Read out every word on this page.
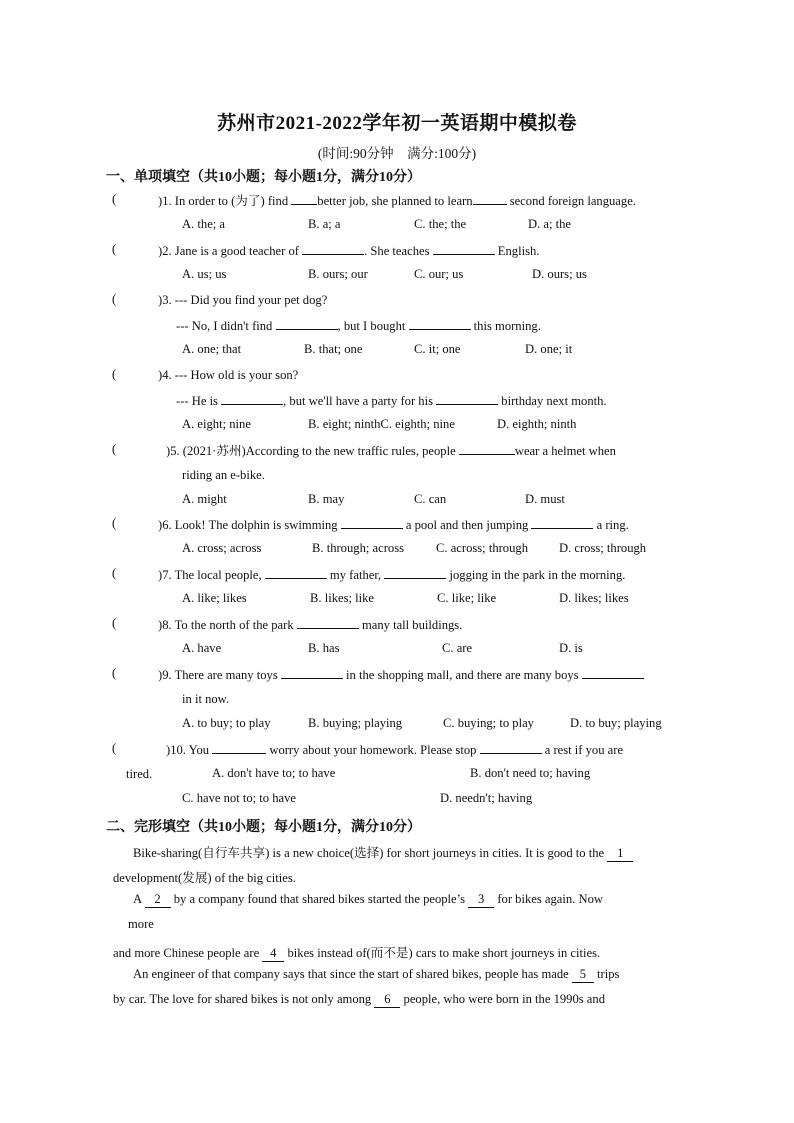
苏州市2021-2022学年初一英语期中模拟卷
(时间:90分钟　满分:100分)
一、单项填空（共10小题；每小题1分，满分10分）
(	)1. In order to (为了) find better job, she planned to learn	second foreign language.
A. the; a	B. a; a	C. the; the	D. a; the
(	)2. Jane is a good teacher of	. She teaches	English.
A. us; us	B. ours; our	C. our; us	D. ours; us
(	)3. --- Did you find your pet dog?
--- No, I didn't find	, but I bought	this morning.
A. one; that	B. that; one	C. it; one	D. one; it
(	)4. --- How old is your son?
--- He is	, but we'll have a party for his	birthday next month.
A. eight; nine	B. eight; ninthC. eighth; nine	D. eighth; ninth
(	)5. (2021·苏州)According to the new traffic rules, people	wear a helmet when
riding an e-bike.
A. might	B. may	C. can	D. must
(	)6. Look! The dolphin is swimming	a pool and then jumping	a ring.
A. cross; across	B. through; across	C. across; through D. cross; through
(	)7. The local people,	my father,	jogging in the park in the morning.
A. like; likes	B. likes; like	C. like; like	D. likes; likes
(	)8. To the north of the park	many tall buildings.
A. have	B. has	C. are	D. is
(	)9. There are many toys	in the shopping mall, and there are many boys
in it now.
A. to buy; to play	B. buying; playing	C. buying; to play	D. to buy; playing
(	)10. You	worry about your homework. Please stop	a rest if you are
tired.	A. don't have to; to have	B. don't need to; having
C. have not to; to have	D. needn't; having
二、完形填空（共10小题；每小题1分，满分10分）
Bike-sharing(自行车共享) is a new choice(选择) for short journeys in cities. It is good to the 1
development(发展) of the big cities.
A 2 by a company found that shared bikes started the people’s 3 for bikes again. Now
more
and more Chinese people are 4 bikes instead of(而不是) cars to make short journeys in cities.
An engineer of that company says that since the start of shared bikes, people has made 5 trips
by car. The love for shared bikes is not only among 6 people, who were born in the 1990s and
